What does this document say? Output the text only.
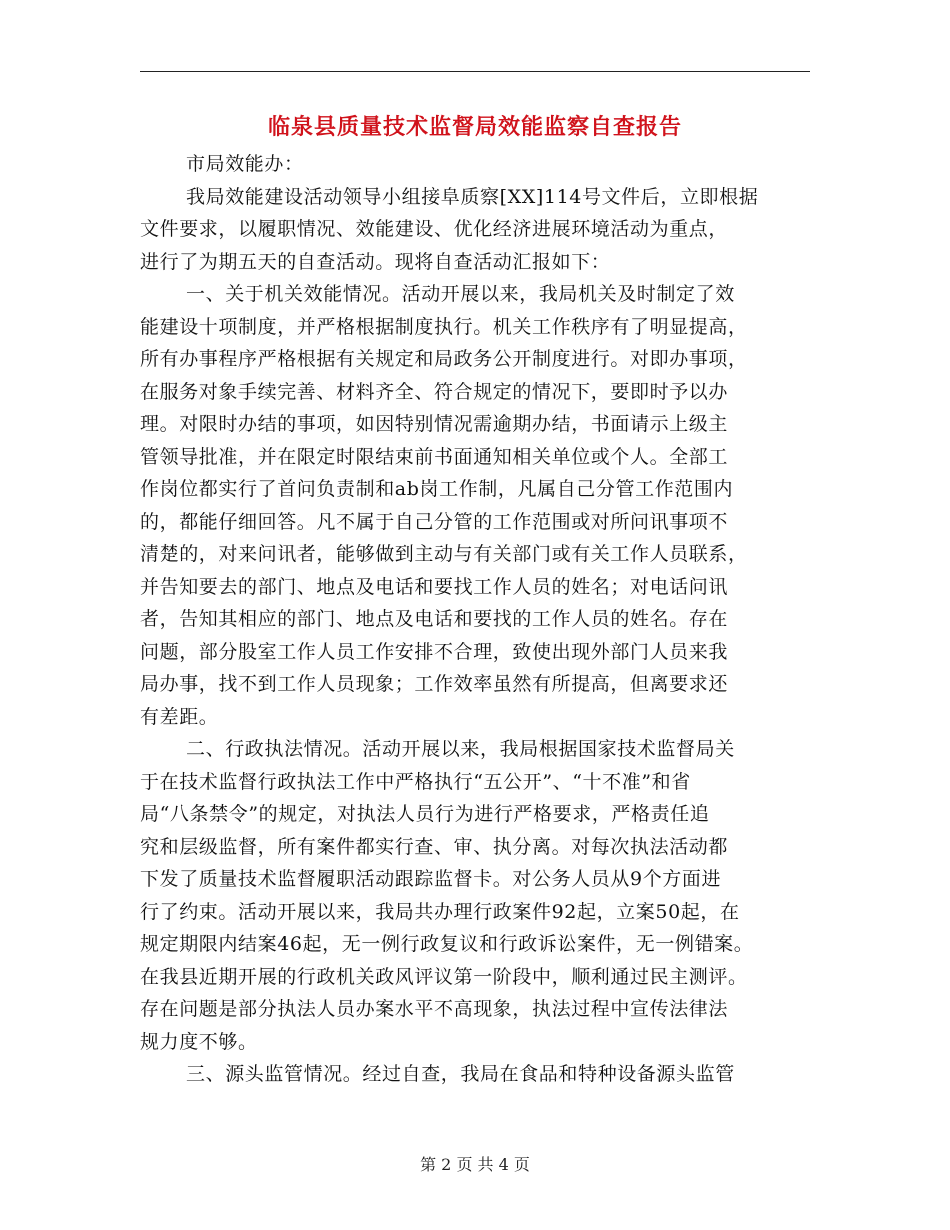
临泉县质量技术监督局效能监察自查报告
市局效能办：
我局效能建设活动领导小组接阜质察[XX]114号文件后，立即根据
文件要求，以履职情况、效能建设、优化经济进展环境活动为重点，
进行了为期五天的自查活动。现将自查活动汇报如下：
一、关于机关效能情况。活动开展以来，我局机关及时制定了效
能建设十项制度，并严格根据制度执行。机关工作秩序有了明显提高，
所有办事程序严格根据有关规定和局政务公开制度进行。对即办事项，
在服务对象手续完善、材料齐全、符合规定的情况下，要即时予以办
理。对限时办结的事项，如因特别情况需逾期办结，书面请示上级主
管领导批准，并在限定时限结束前书面通知相关单位或个人。全部工
作岗位都实行了首问负责制和ab岗工作制，凡属自己分管工作范围内
的，都能仔细回答。凡不属于自己分管的工作范围或对所问讯事项不
清楚的，对来问讯者，能够做到主动与有关部门或有关工作人员联系，
并告知要去的部门、地点及电话和要找工作人员的姓名；对电话问讯
者，告知其相应的部门、地点及电话和要找的工作人员的姓名。存在
问题，部分股室工作人员工作安排不合理，致使出现外部门人员来我
局办事，找不到工作人员现象；工作效率虽然有所提高，但离要求还
有差距。
二、行政执法情况。活动开展以来，我局根据国家技术监督局关
于在技术监督行政执法工作中严格执行“五公开”、“十不准”和省
局“八条禁令”的规定，对执法人员行为进行严格要求，严格责任追
究和层级监督，所有案件都实行查、审、执分离。对每次执法活动都
下发了质量技术监督履职活动跟踪监督卡。对公务人员从9个方面进
行了约束。活动开展以来，我局共办理行政案件92起，立案50起，在
规定期限内结案46起，无一例行政复议和行政诉讼案件，无一例错案。
在我县近期开展的行政机关政风评议第一阶段中，顺利通过民主测评。
存在问题是部分执法人员办案水平不高现象，执法过程中宣传法律法
规力度不够。
三、源头监管情况。经过自查，我局在食品和特种设备源头监管
第 2 页 共 4 页
